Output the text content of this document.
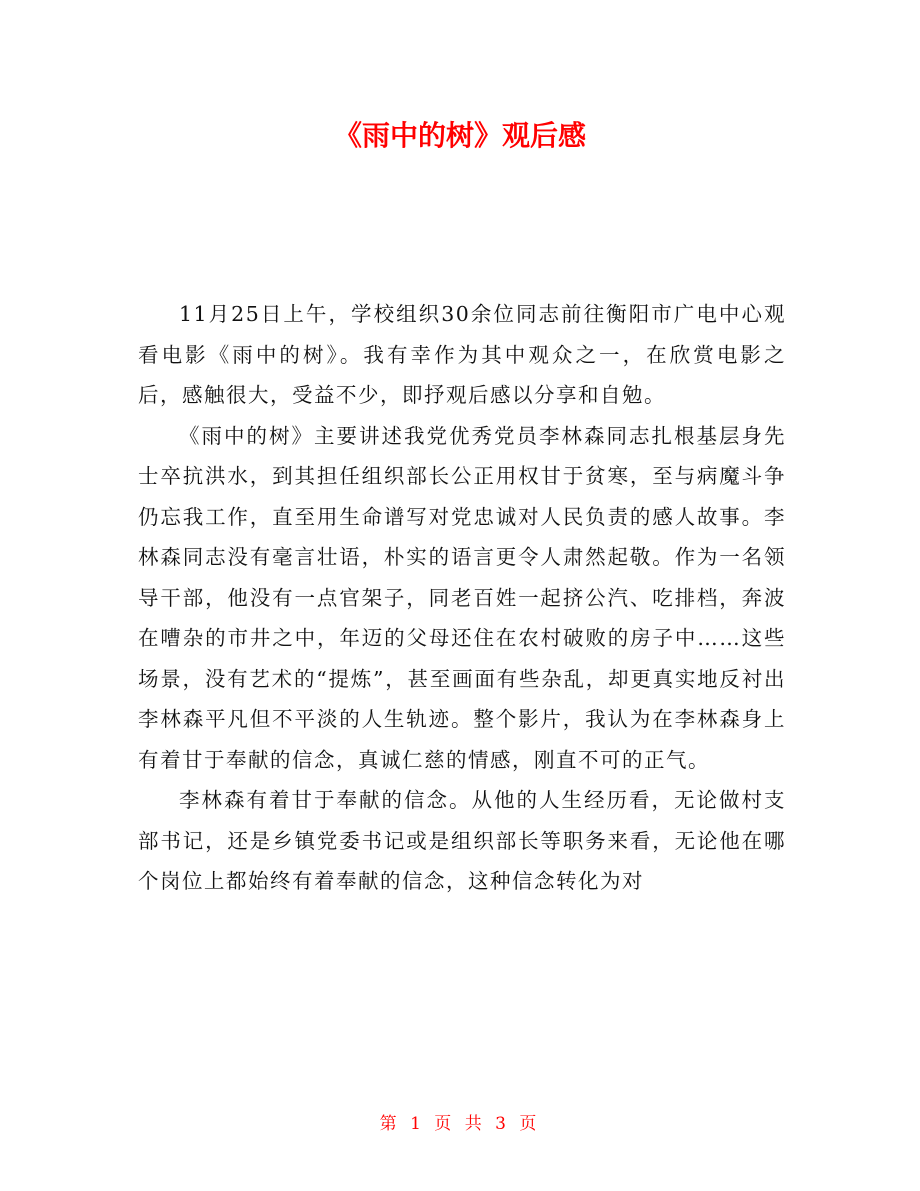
《雨中的树》观后感

11月25日上午，学校组织30余位同志前往衡阳市广电中心观看电影《雨中的树》。我有幸作为其中观众之一，在欣赏电影之后，感触很大，受益不少，即抒观后感以分享和自勉。

《雨中的树》主要讲述我党优秀党员李林森同志扎根基层身先士卒抗洪水，到其担任组织部长公正用权甘于贫寒，至与病魔斗争仍忘我工作，直至用生命谱写对党忠诚对人民负责的感人故事。李林森同志没有毫言壮语，朴实的语言更令人肃然起敬。作为一名领导干部，他没有一点官架子，同老百姓一起挤公汽、吃排档，奔波在嘈杂的市井之中，年迈的父母还住在农村破败的房子中……这些场景，没有艺术的“提炼”，甚至画面有些杂乱，却更真实地反衬出李林森平凡但不平淡的人生轨迹。整个影片，我认为在李林森身上有着甘于奉献的信念，真诚仁慈的情感，刚直不可的正气。

李林森有着甘于奉献的信念。从他的人生经历看，无论做村支部书记，还是乡镇党委书记或是组织部长等职务来看，无论他在哪个岗位上都始终有着奉献的信念，这种信念转化为对

第 1 页 共 3 页
